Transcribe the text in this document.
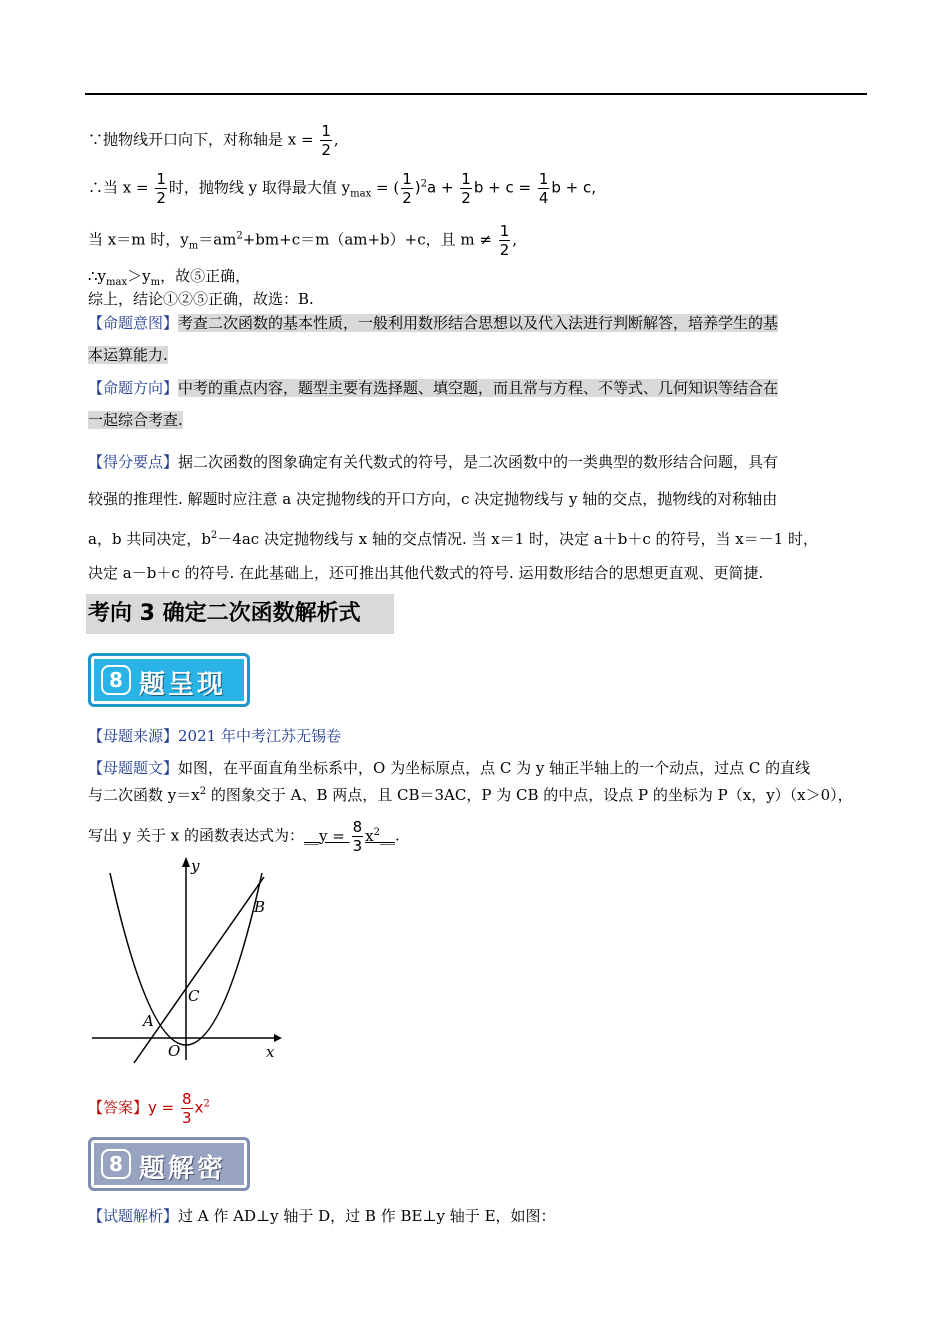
∵抛物线开口向下，对称轴是 $x = \frac{1}{2}$ ,
∴当 $x = \frac{1}{2}$ 时，抛物线 y 取得最大值 $y_{max}$ = ( $\frac{1}{2} )^2a + \frac{1}{2}$ $b + c = \frac{1}{4}$ b + c,
当 x＝m 时，$y_m=am^2+bm+c=m(am+b)+c$，且 $m \ne \frac{1}{2}$ ,
$\therefore y_{max}>y_m$，故⑤正确，
综上，结论①②⑤正确，故选：B.
【命题意图】考查二次函数的基本性质，一般利用数形结合思想以及代入法进行判断解答，培养学生的基
本运算能力.
【命题方向】中考的重点内容，题型主要有选择题、填空题，而且常与方程、不等式、几何知识等结合在
一起综合考查.
【得分要点】据二次函数的图象确定有关代数式的符号，是二次函数中的一类典型的数形结合问题，具有
较强的推理性. 解题时应注意 a 决定抛物线的开口方向，c 决定抛物线与 y 轴的交点，抛物线的对称轴由
a，b 共同决定，$b^2-4ac$ 决定抛物线与 x 轴的交点情况. 当 x＝1 时，决定 a＋b＋c 的符号，当 x＝－1 时，
决定 a－b＋c 的符号. 在此基础上，还可推出其他代数式的符号. 运用数形结合的思想更直观、更简捷.
考向 3 确定二次函数解析式
8 题呈现
【母题来源】2021 年中考江苏无锡卷
【母题题文】如图，在平面直角坐标系中，O 为坐标原点，点 C 为 y 轴正半轴上的一个动点，过点 C 的直线
与二次函数 $y=x^2$ 的图象交于 A、B 两点，且 CB＝3AC，P 为 CB 的中点，设点 P 的坐标为 P（x，y）（x＞0），
写出 y 关于 x 的函数表达式为：__y = $\frac{8}{3}$ $x^2\_\_$.
y
x
O
A
B
C
【答案】$y = \frac{8}{3} x^2$
8 题解密
【试题解析】过 A 作 AD⊥y 轴于 D，过 B 作 BE⊥y 轴于 E，如图：
